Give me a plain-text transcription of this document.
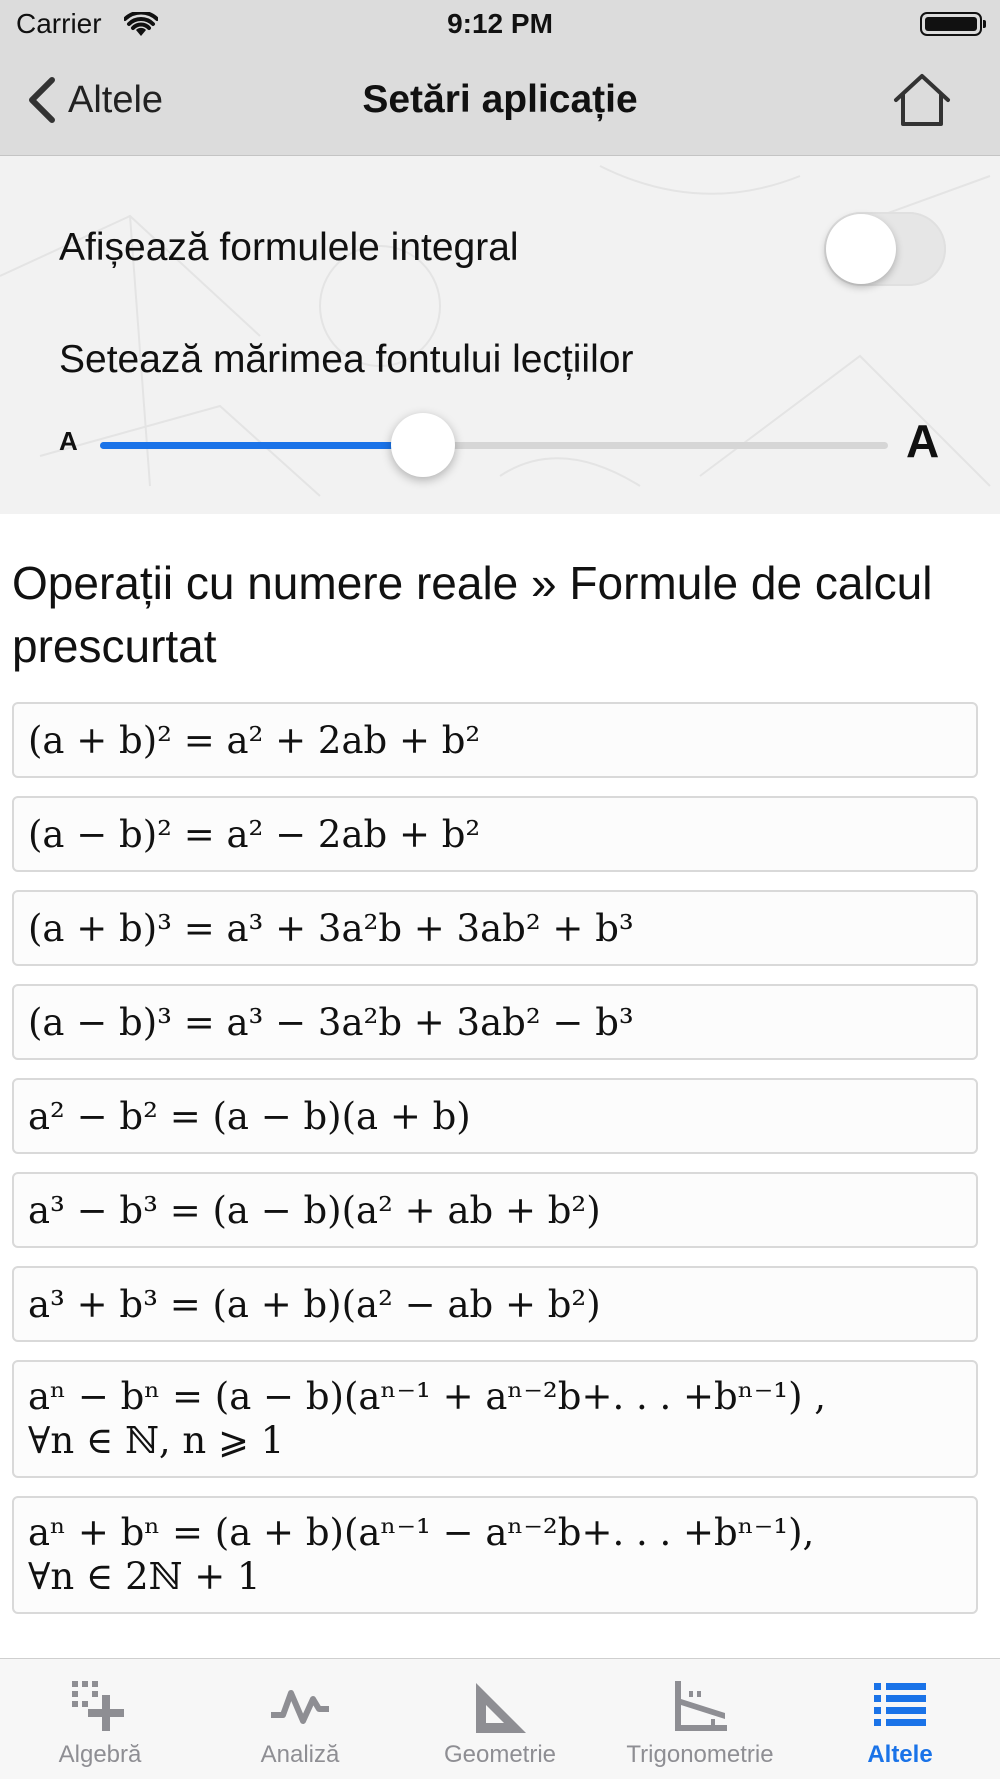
Carrier	9:12 PM
Altele	Setări aplicație
Afișează formulele integral
Setează mărimea fontului lecțiilor
A	A
Operații cu numere reale » Formule de calcul prescurtat
(a + b)² = a² + 2ab + b²
(a − b)² = a² − 2ab + b²
(a + b)³ = a³ + 3a²b + 3ab² + b³
(a − b)³ = a³ − 3a²b + 3ab² − b³
a² − b² = (a − b)(a + b)
a³ − b³ = (a − b)(a² + ab + b²)
a³ + b³ = (a + b)(a² − ab + b²)
aⁿ − bⁿ = (a − b)(aⁿ⁻¹ + aⁿ⁻²b+. . . +bⁿ⁻¹) ,
∀n ∈ ℕ, n ⩾ 1
aⁿ + bⁿ = (a + b)(aⁿ⁻¹ − aⁿ⁻²b+. . . +bⁿ⁻¹),
∀n ∈ 2ℕ + 1
Algebră	Analiză	Geometrie	Trigonometrie	Altele
